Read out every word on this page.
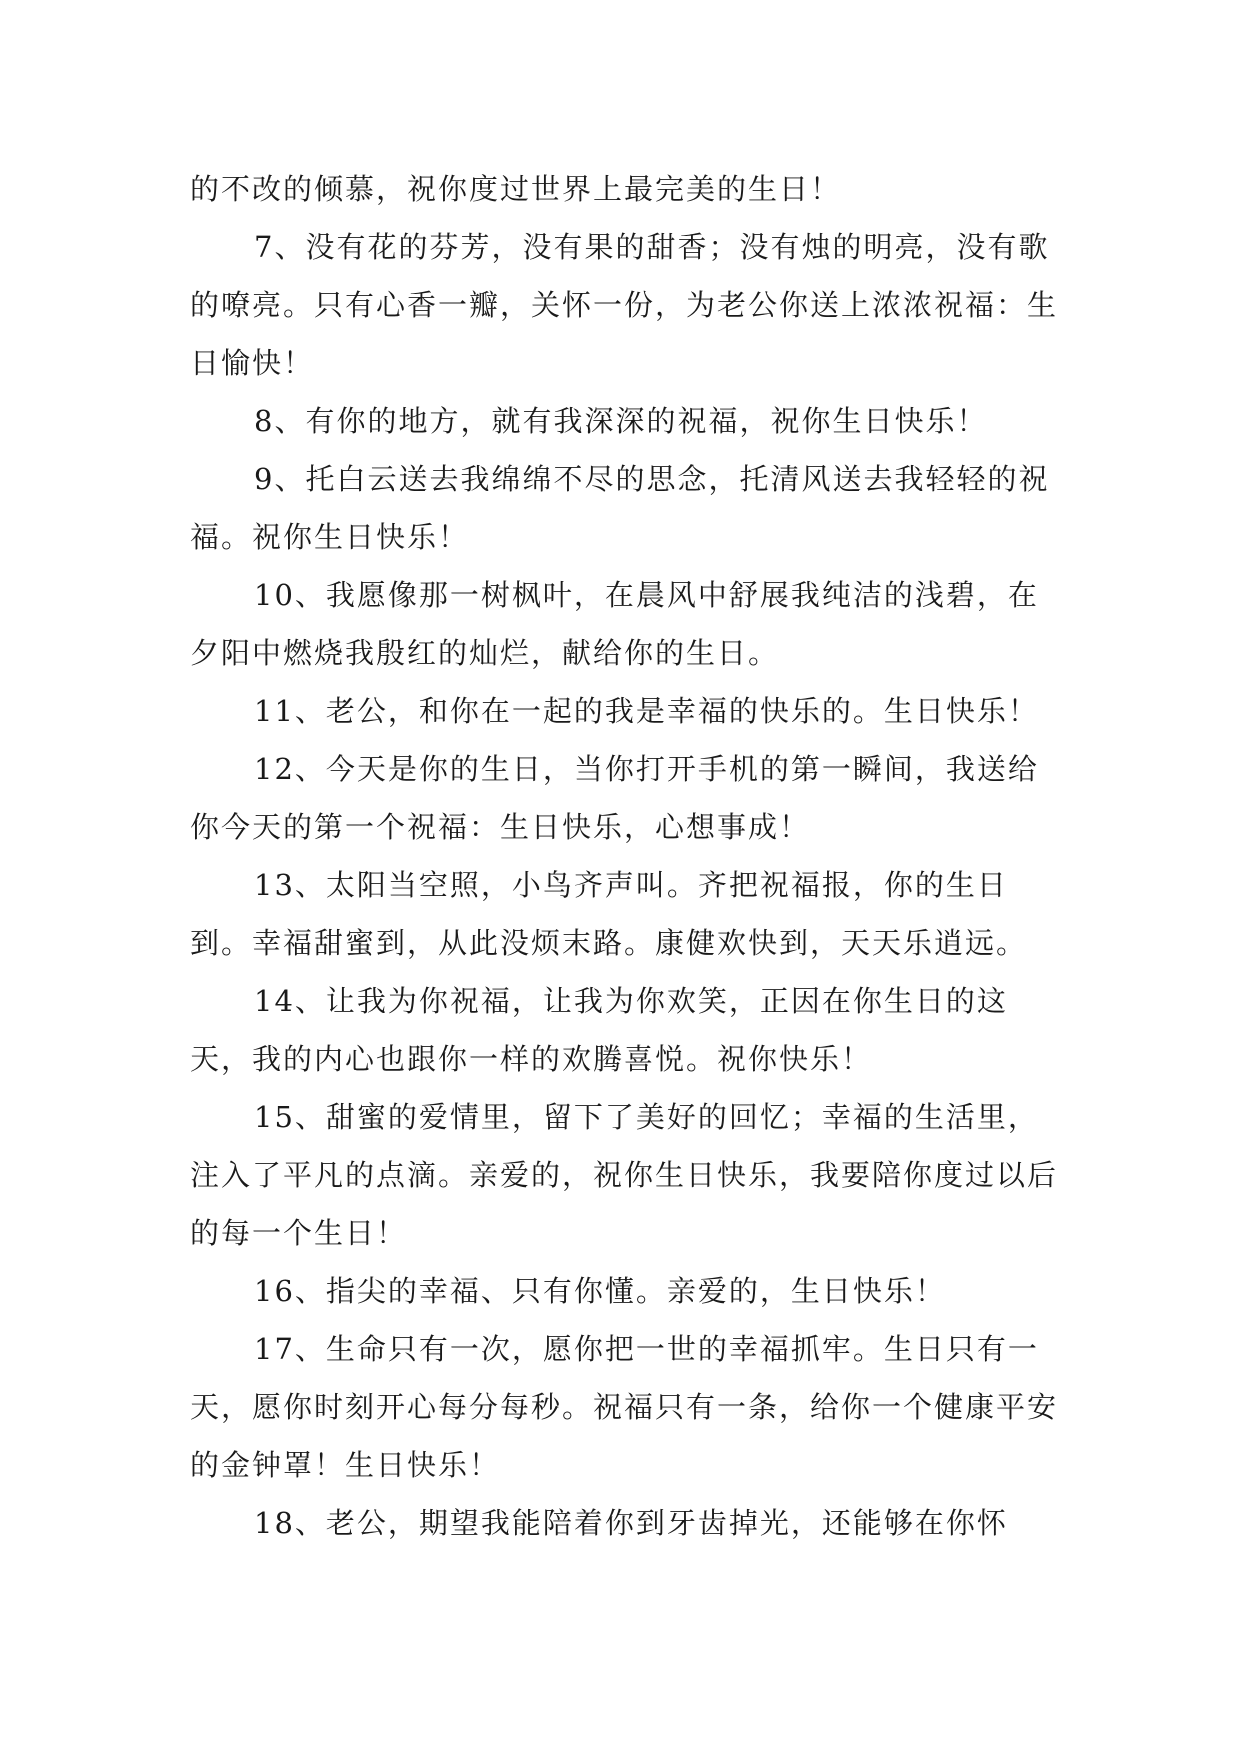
的不改的倾慕，祝你度过世界上最完美的生日！

7、没有花的芬芳，没有果的甜香；没有烛的明亮，没有歌的嘹亮。只有心香一瓣，关怀一份，为老公你送上浓浓祝福：生日愉快！

8、有你的地方，就有我深深的祝福，祝你生日快乐！

9、托白云送去我绵绵不尽的思念，托清风送去我轻轻的祝福。祝你生日快乐！

10、我愿像那一树枫叶，在晨风中舒展我纯洁的浅碧，在夕阳中燃烧我殷红的灿烂，献给你的生日。

11、老公，和你在一起的我是幸福的快乐的。生日快乐！

12、今天是你的生日，当你打开手机的第一瞬间，我送给你今天的第一个祝福：生日快乐，心想事成！

13、太阳当空照，小鸟齐声叫。齐把祝福报，你的生日到。幸福甜蜜到，从此没烦末路。康健欢快到，天天乐逍远。

14、让我为你祝福，让我为你欢笑，正因在你生日的这天，我的内心也跟你一样的欢腾喜悦。祝你快乐！

15、甜蜜的爱情里，留下了美好的回忆；幸福的生活里，注入了平凡的点滴。亲爱的，祝你生日快乐，我要陪你度过以后的每一个生日！

16、指尖的幸福、只有你懂。亲爱的，生日快乐！

17、生命只有一次，愿你把一世的幸福抓牢。生日只有一天，愿你时刻开心每分每秒。祝福只有一条，给你一个健康平安的金钟罩！生日快乐！

18、老公，期望我能陪着你到牙齿掉光，还能够在你怀
